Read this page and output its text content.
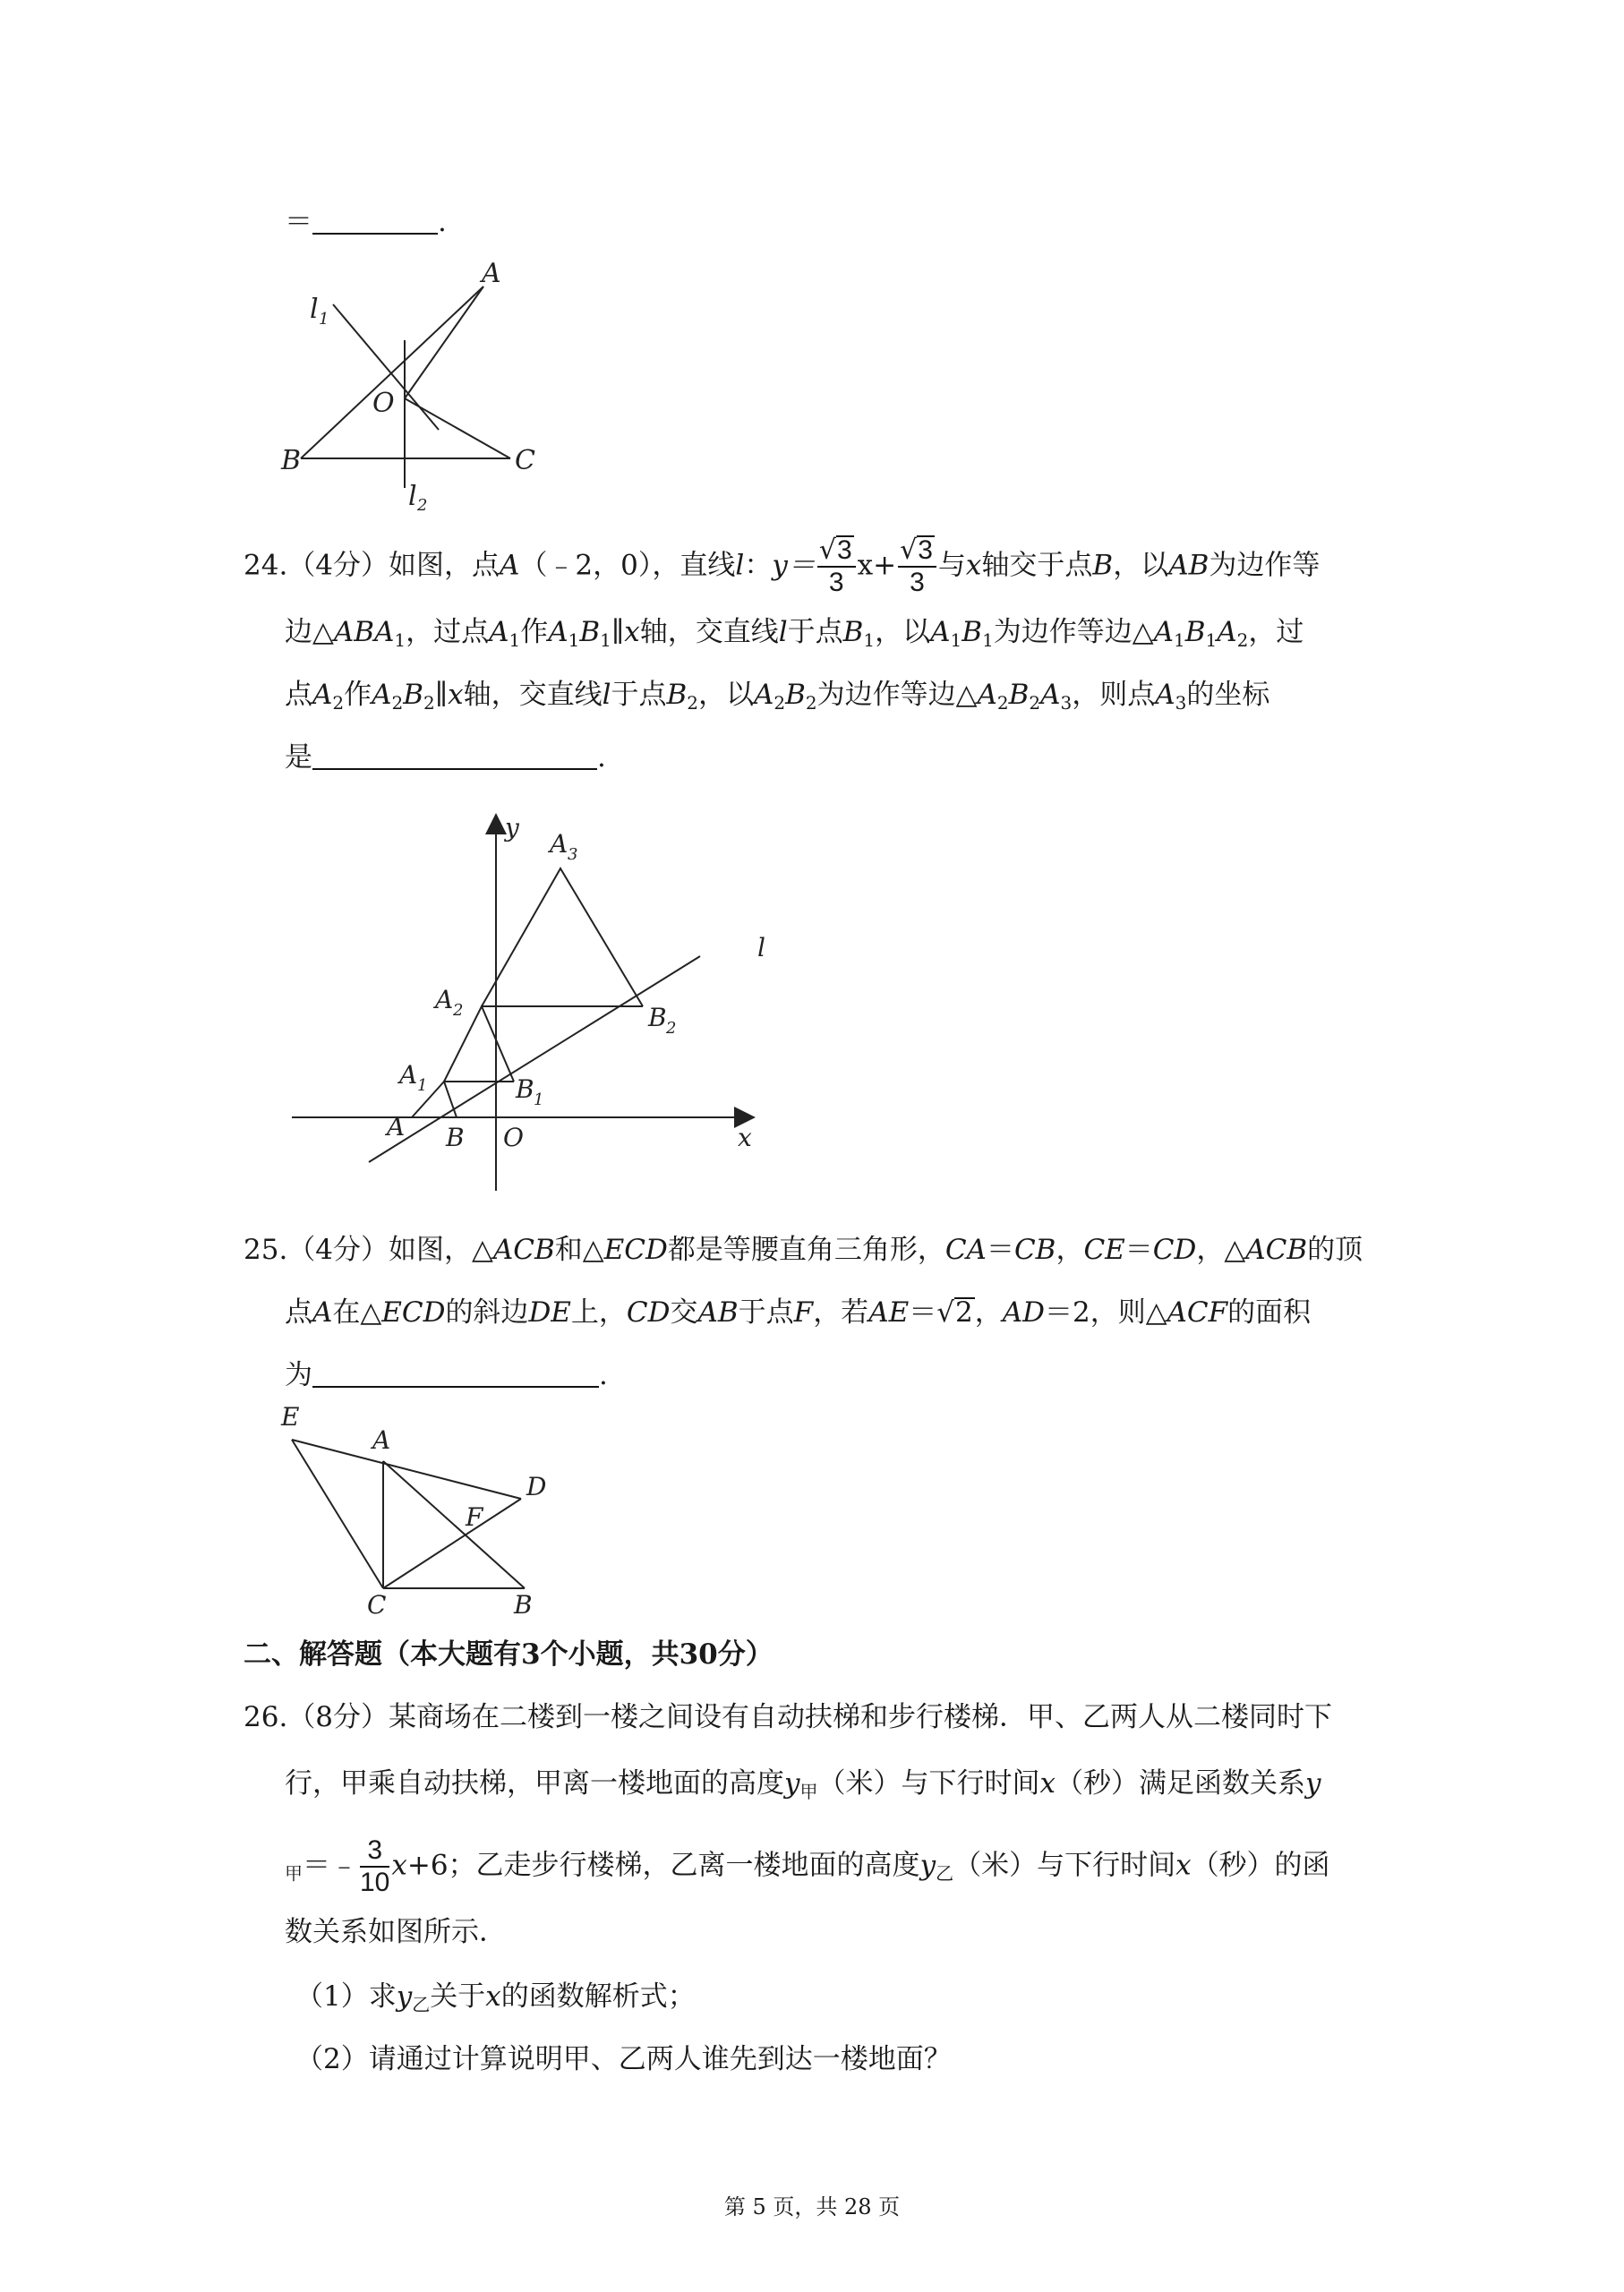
＝	.
A
B	C
O
l 1
l 2
24.（4分）如图，点A（﹣2，0），直线l：$y= \frac{√3}{3} x+ \frac{√3}{3}$ 与x轴交于点B，以AB为边作等
边$\triangle ABA_1$，过点$A_1$作$A_1B_1\parallel x$轴，交直线l于点$B_1$，以$A_1B_1$为边作等边$\triangle A_1B_1A_2$，过
点$A_2$作$A_2B_2\parallel x$轴，交直线l于点$B_2$，以$A_2B_2$为边作等边$\triangle A_2B_2A_3$，则点$A_3$的坐标
是	.
y
x
l
O
A B
A 1	B 1
A 2	B 2
A 3
25.（4分）如图，△ACB和△ECD都是等腰直角三角形，CA＝CB，CE＝CD，△ACB的顶
点A在△ECD的斜边DE上，CD交AB于点F，若AE＝√2，AD＝2，则△ACF的面积
为	.
E
A
D
F
C	B
二、解答题（本大题有3个小题，共30分）
26.（8分）某商场在二楼到一楼之间设有自动扶梯和步行楼梯．甲、乙两人从二楼同时下
行，甲乘自动扶梯，甲离一楼地面的高度$y_甲$（米）与下行时间x（秒）满足函数关系y
$_甲$＝﹣ $\frac{3}{10} x+6$；乙走步行楼梯，乙离一楼地面的高度$y_乙$（米）与下行时间x（秒）的函
数关系如图所示．
（1）求$y_乙$关于x的函数解析式；
（2）请通过计算说明甲、乙两人谁先到达一楼地面？
第 5 页，共 28 页
